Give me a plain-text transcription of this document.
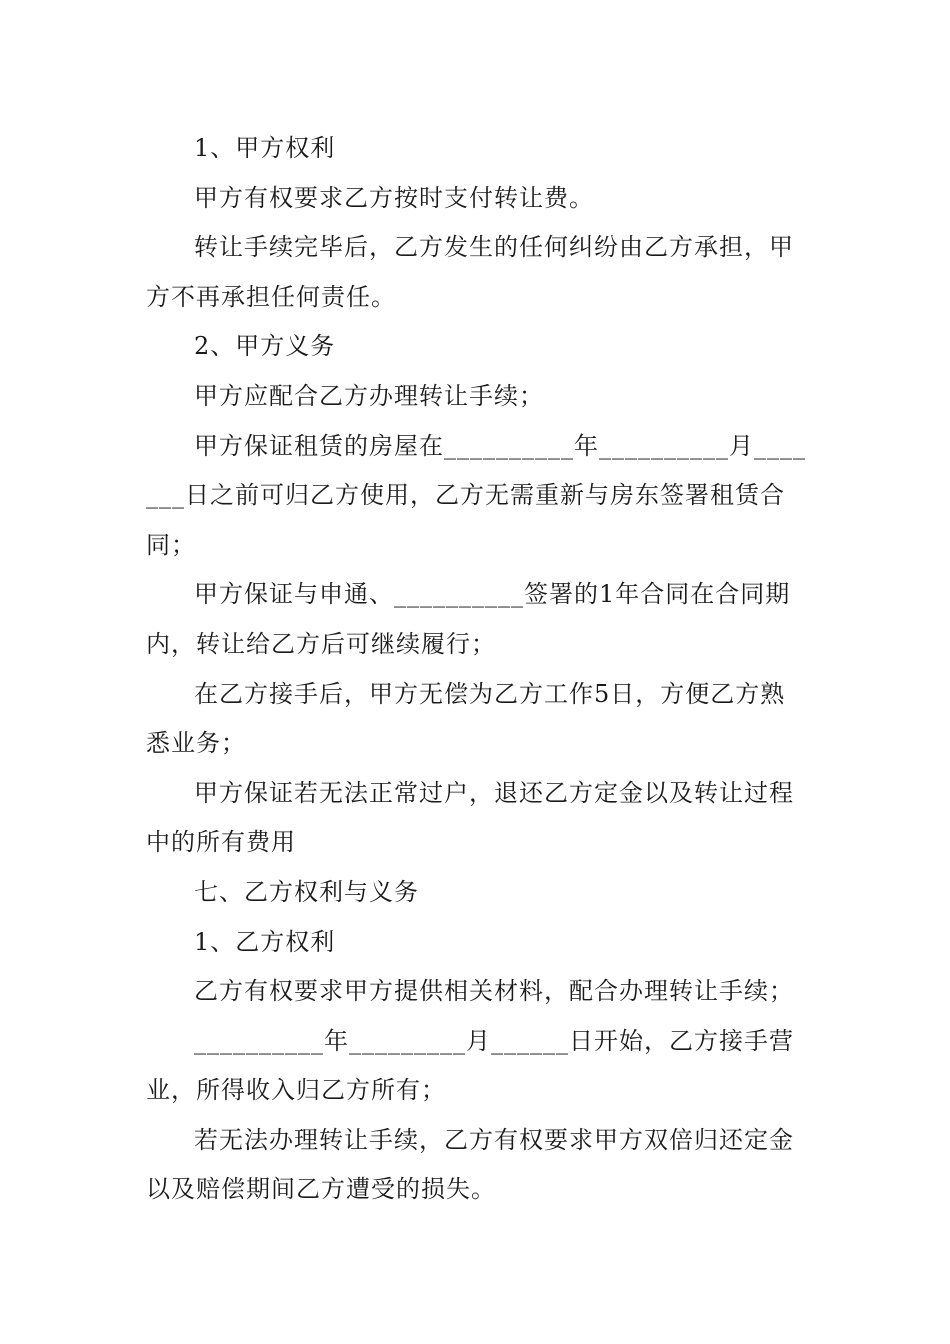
1、甲方权利

甲方有权要求乙方按时支付转让费。

转让手续完毕后，乙方发生的任何纠纷由乙方承担，甲方不再承担任何责任。

2、甲方义务

甲方应配合乙方办理转让手续；

甲方保证租赁的房屋在__________年__________月_______日之前可归乙方使用，乙方无需重新与房东签署租赁合同；

甲方保证与申通、__________签署的1年合同在合同期内，转让给乙方后可继续履行；

在乙方接手后，甲方无偿为乙方工作5日，方便乙方熟悉业务；

甲方保证若无法正常过户，退还乙方定金以及转让过程中的所有费用

七、乙方权利与义务

1、乙方权利

乙方有权要求甲方提供相关材料，配合办理转让手续；

__________年_________月______日开始，乙方接手营业，所得收入归乙方所有；

若无法办理转让手续，乙方有权要求甲方双倍归还定金以及赔偿期间乙方遭受的损失。
